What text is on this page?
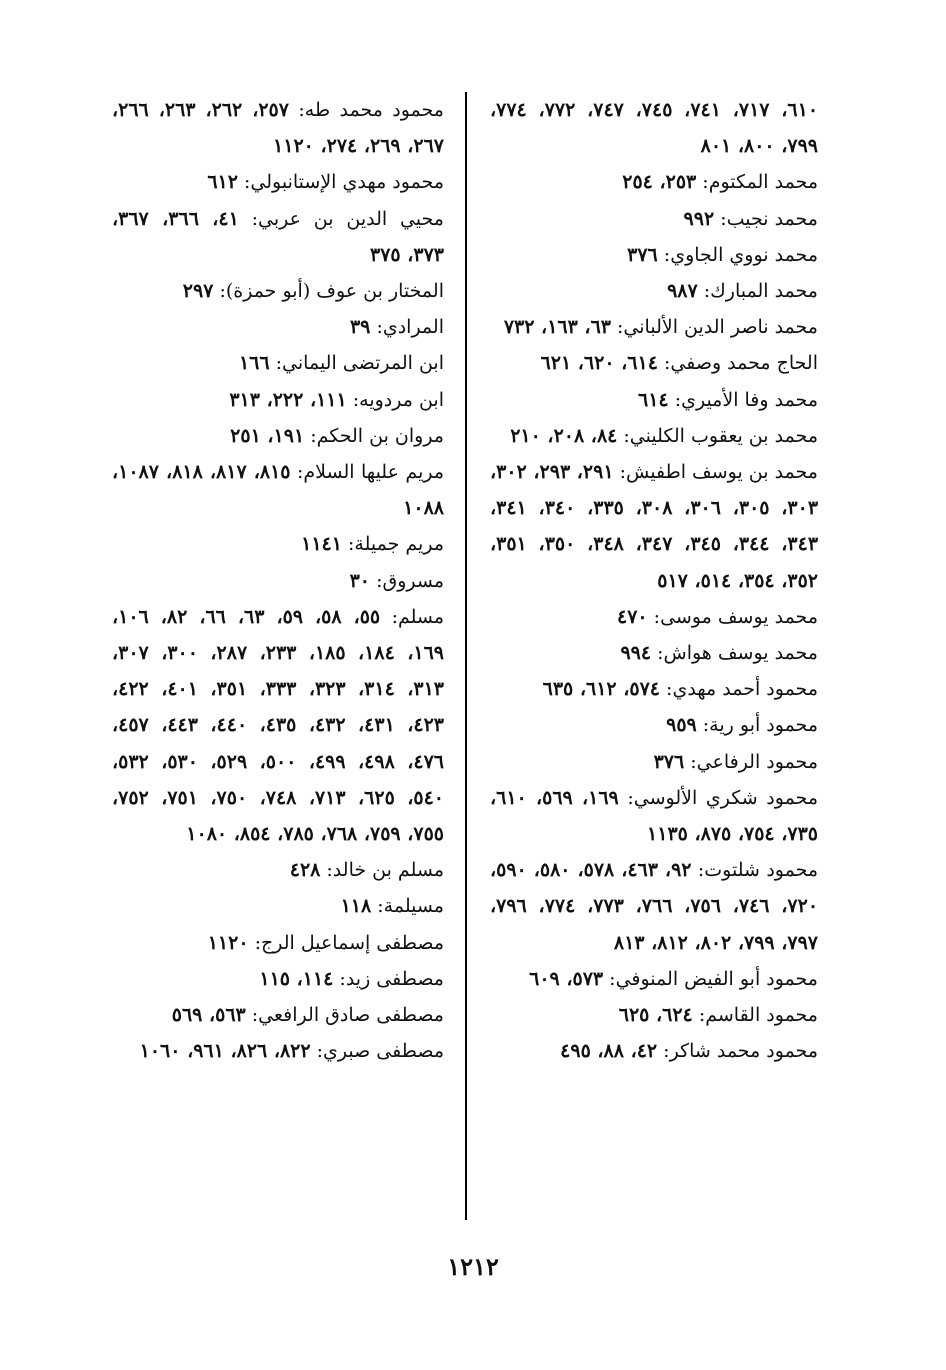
٦١٠، ٧١٧، ٧٤١، ٧٤٥، ٧٤٧، ٧٧٢، ٧٧٤، ٧٩٩، ٨٠٠، ٨٠١
محمد المكتوم: ٢٥٣، ٢٥٤
محمد نجيب: ٩٩٢
محمد نووي الجاوي: ٣٧٦
محمد المبارك: ٩٨٧
محمد ناصر الدين الألباني: ٦٣، ١٦٣، ٧٣٢
الحاج محمد وصفي: ٦١٤، ٦٢٠، ٦٢١
محمد وفا الأميري: ٦١٤
محمد بن يعقوب الكليني: ٨٤، ٢٠٨، ٢١٠
محمد بن يوسف اطفيش: ٢٩١، ٢٩٣، ٣٠٢، ٣٠٣، ٣٠٥، ٣٠٦، ٣٠٨، ٣٣٥، ٣٤٠، ٣٤١، ٣٤٣، ٣٤٤، ٣٤٥، ٣٤٧، ٣٤٨، ٣٥٠، ٣٥١، ٣٥٢، ٣٥٤، ٥١٤، ٥١٧
محمد يوسف موسى: ٤٧٠
محمد يوسف هواش: ٩٩٤
محمود أحمد مهدي: ٥٧٤، ٦١٢، ٦٣٥
محمود أبو رية: ٩٥٩
محمود الرفاعي: ٣٧٦
محمود شكري الألوسي: ١٦٩، ٥٦٩، ٦١٠، ٧٣٥، ٧٥٤، ٨٧٥، ١١٣٥
محمود شلتوت: ٩٢، ٤٦٣، ٥٧٨، ٥٨٠، ٥٩٠، ٧٢٠، ٧٤٦، ٧٥٦، ٧٦٦، ٧٧٣، ٧٧٤، ٧٩٦، ٧٩٧، ٧٩٩، ٨٠٢، ٨١٢، ٨١٣
محمود أبو الفيض المنوفي: ٥٧٣، ٦٠٩
محمود القاسم: ٦٢٤، ٦٢٥
محمود محمد شاكر: ٤٢، ٨٨، ٤٩٥
محمود محمد طه: ٢٥٧، ٢٦٢، ٢٦٣، ٢٦٦، ٢٦٧، ٢٦٩، ٢٧٤، ١١٢٠
محمود مهدي الإستانبولي: ٦١٢
محيي الدين بن عربي: ٤١، ٣٦٦، ٣٦٧، ٣٧٣، ٣٧٥
المختار بن عوف (أبو حمزة): ٢٩٧
المرادي: ٣٩
ابن المرتضى اليماني: ١٦٦
ابن مردويه: ١١١، ٢٢٢، ٣١٣
مروان بن الحكم: ١٩١، ٢٥١
مريم عليها السلام: ٨١٥، ٨١٧، ٨١٨، ١٠٨٧، ١٠٨٨
مريم جميلة: ١١٤١
مسروق: ٣٠
مسلم: ٥٥، ٥٨، ٥٩، ٦٣، ٦٦، ٨٢، ١٠٦، ١٦٩، ١٨٤، ١٨٥، ٢٣٣، ٢٨٧، ٣٠٠، ٣٠٧، ٣١٣، ٣١٤، ٣٢٣، ٣٣٣، ٣٥١، ٤٠١، ٤٢٢، ٤٢٣، ٤٣١، ٤٣٢، ٤٣٥، ٤٤٠، ٤٤٣، ٤٥٧، ٤٧٦، ٤٩٨، ٤٩٩، ٥٠٠، ٥٢٩، ٥٣٠، ٥٣٢، ٥٤٠، ٦٢٥، ٧١٣، ٧٤٨، ٧٥٠، ٧٥١، ٧٥٢، ٧٥٥، ٧٥٩، ٧٦٨، ٧٨٥، ٨٥٤، ١٠٨٠
مسلم بن خالد: ٤٢٨
مسيلمة: ١١٨
مصطفى إسماعيل الرج: ١١٢٠
مصطفى زيد: ١١٤، ١١٥
مصطفى صادق الرافعي: ٥٦٣، ٥٦٩
مصطفى صبري: ٨٢٢، ٨٢٦، ٩٦١، ١٠٦٠
١٢١٢
